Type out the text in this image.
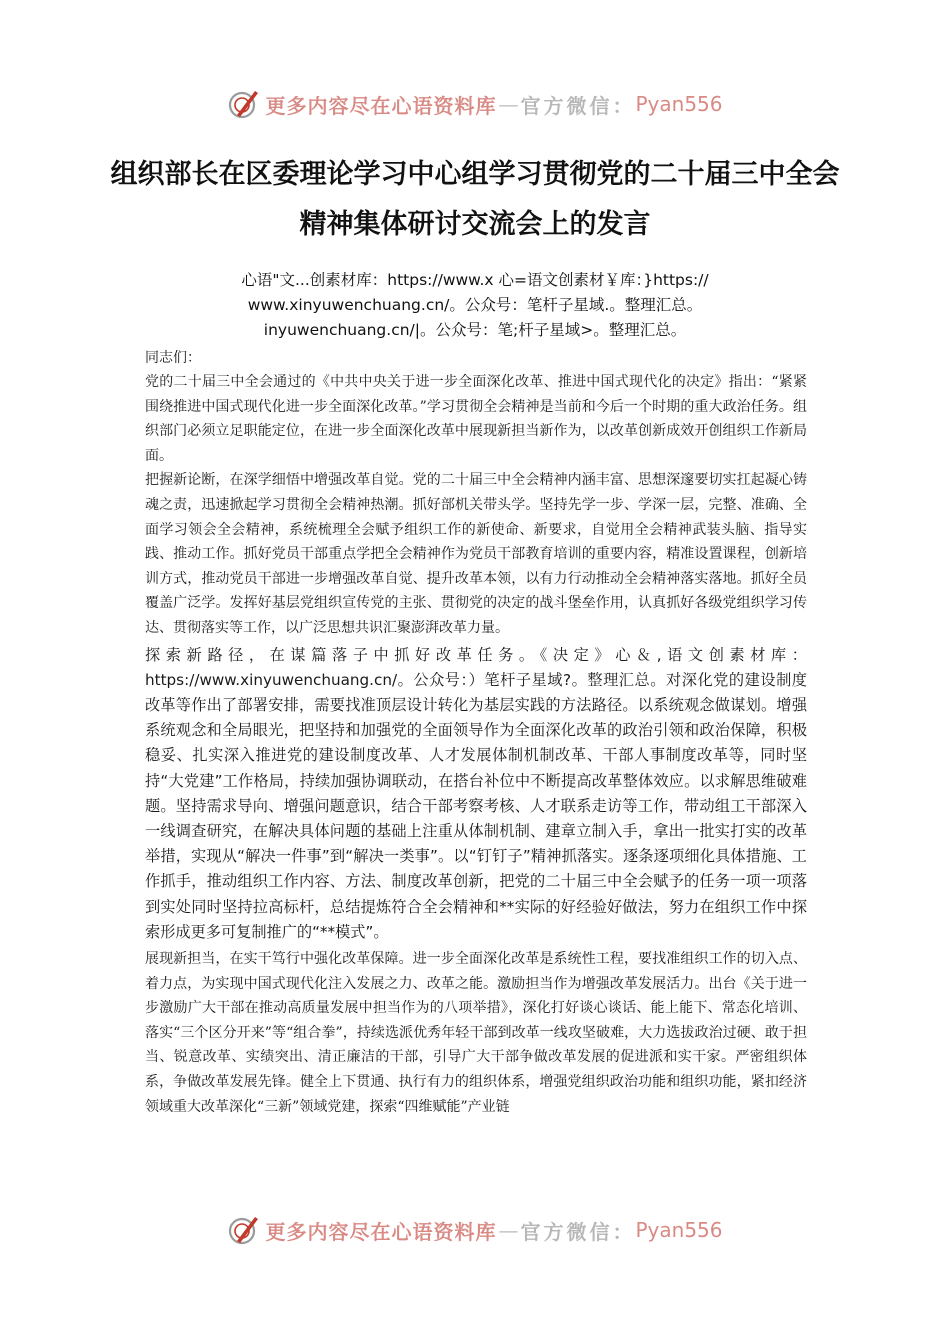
更多内容尽在心语资料库 — 官方微信： Pyan556
组织部长在区委理论学习中心组学习贯彻党的二十届三中全会精神集体研讨交流会上的发言
心语"文...创素材库：https://www.x 心=语文创素材￥库：}https://
www.xinyuwenchuang.cn/。公众号：笔杆子星域.。整理汇总。
inyuwenchuang.cn/|。公众号：笔;杆子星域>。整理汇总。
同志们：

党的二十届三中全会通过的《中共中央关于进一步全面深化改革、推进中国式现代化的决定》指出：“紧紧围绕推进中国式现代化进一步全面深化改革。”学习贯彻全会精神是当前和今后一个时期的重大政治任务。组织部门必须立足职能定位，在进一步全面深化改革中展现新担当新作为，以改革创新成效开创组织工作新局面。

把握新论断，在深学细悟中增强改革自觉。党的二十届三中全会精神内涵丰富、思想深邃要切实扛起凝心铸魂之责，迅速掀起学习贯彻全会精神热潮。抓好部机关带头学。坚持先学一步、学深一层，完整、准确、全面学习领会全会精神，系统梳理全会赋予组织工作的新使命、新要求，自觉用全会精神武装头脑、指导实践、推动工作。抓好党员干部重点学把全会精神作为党员干部教育培训的重要内容，精准设置课程，创新培训方式，推动党员干部进一步增强改革自觉、提升改革本领，以有力行动推动全会精神落实落地。抓好全员覆盖广泛学。发挥好基层党组织宣传党的主张、贯彻党的决定的战斗堡垒作用，认真抓好各级党组织学习传达、贯彻落实等工作，以广泛思想共识汇聚澎湃改革力量。

探索新路径，在谋篇落子中抓好改革任务。《决定》心＆,语文创素材库：https://www.xinyuwenchuang.cn/。公众号：）笔杆子星域?。整理汇总。对深化党的建设制度改革等作出了部署安排，需要找准顶层设计转化为基层实践的方法路径。以系统观念做谋划。增强系统观念和全局眼光，把坚持和加强党的全面领导作为全面深化改革的政治引领和政治保障，积极稳妥、扎实深入推进党的建设制度改革、人才发展体制机制改革、干部人事制度改革等，同时坚持“大党建”工作格局，持续加强协调联动，在搭台补位中不断提高改革整体效应。以求解思维破难题。坚持需求导向、增强问题意识，结合干部考察考核、人才联系走访等工作，带动组工干部深入一线调查研究，在解决具体问题的基础上注重从体制机制、建章立制入手，拿出一批实打实的改革举措，实现从“解决一件事”到“解决一类事”。以“钉钉子”精神抓落实。逐条逐项细化具体措施、工作抓手，推动组织工作内容、方法、制度改革创新，把党的二十届三中全会赋予的任务一项一项落到实处同时坚持拉高标杆，总结提炼符合全会精神和**实际的好经验好做法，努力在组织工作中探索形成更多可复制推广的“**模式”。

展现新担当，在实干笃行中强化改革保障。进一步全面深化改革是系统性工程，要找准组织工作的切入点、着力点，为实现中国式现代化注入发展之力、改革之能。激励担当作为增强改革发展活力。出台《关于进一步激励广大干部在推动高质量发展中担当作为的八项举措》，深化打好谈心谈话、能上能下、常态化培训、落实“三个区分开来”等“组合拳”，持续选派优秀年轻干部到改革一线攻坚破难，大力选拔政治过硬、敢于担当、锐意改革、实绩突出、清正廉洁的干部，引导广大干部争做改革发展的促进派和实干家。严密组织体系，争做改革发展先锋。健全上下贯通、执行有力的组织体系，增强党组织政治功能和组织功能，紧扣经济领域重大改革深化“三新”领域党建，探索“四维赋能”产业链

更多内容尽在心语资料库 — 官方微信： Pyan556
